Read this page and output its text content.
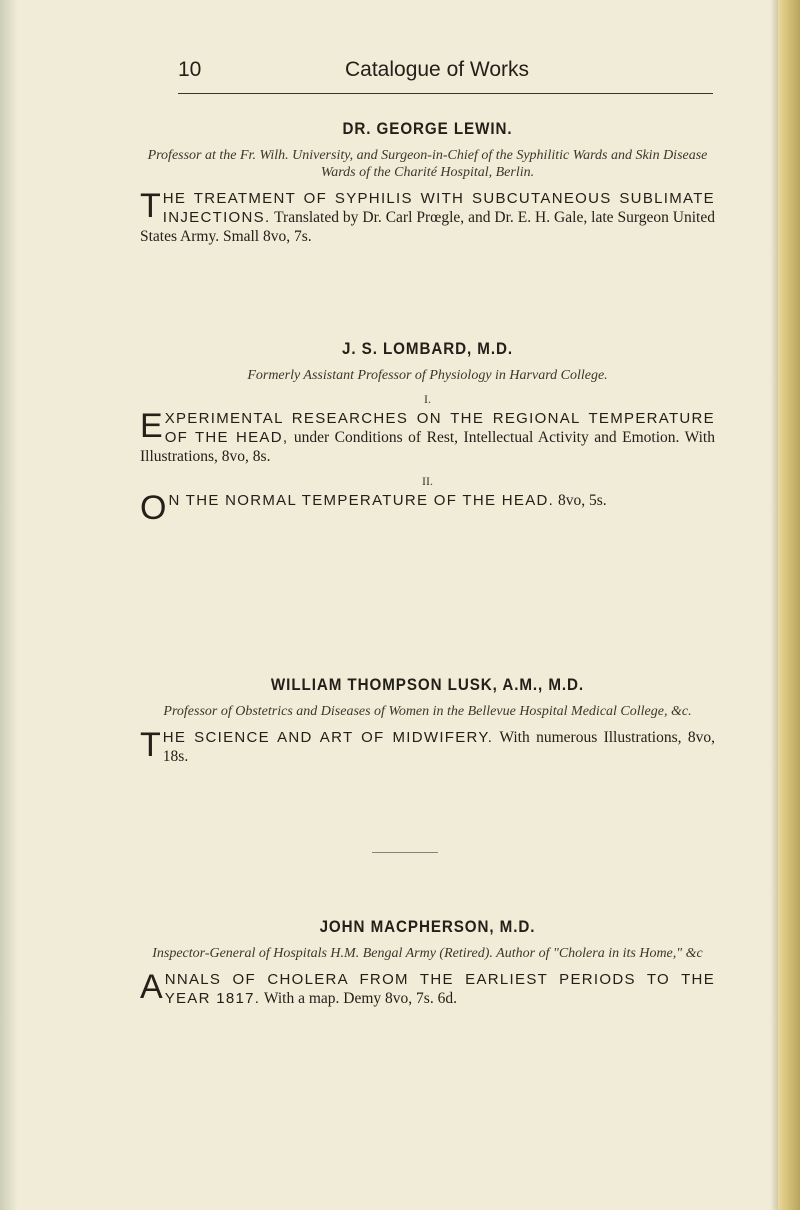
10	Catalogue of Works
DR. GEORGE LEWIN.
Professor at the Fr. Wilh. University, and Surgeon-in-Chief of the Syphilitic Wards and Skin Disease Wards of the Charité Hospital, Berlin.
THE TREATMENT OF SYPHILIS WITH SUBCUTANEOUS SUBLIMATE INJECTIONS. Translated by Dr. Carl Prœgle, and Dr. E. H. Gale, late Surgeon United States Army. Small 8vo, 7s.
J. S. LOMBARD, M.D.
Formerly Assistant Professor of Physiology in Harvard College.
I.
EXPERIMENTAL RESEARCHES ON THE REGIONAL TEMPERATURE OF THE HEAD, under Conditions of Rest, Intellectual Activity and Emotion. With Illustrations, 8vo, 8s.
II.
O N THE NORMAL TEMPERATURE OF THE HEAD. 8vo, 5s.
WILLIAM THOMPSON LUSK, A.M., M.D.
Professor of Obstetrics and Diseases of Women in the Bellevue Hospital Medical College, &c.
THE SCIENCE AND ART OF MIDWIFERY. With numerous Illustrations, 8vo, 18s.
JOHN MACPHERSON, M.D.
Inspector-General of Hospitals H.M. Bengal Army (Retired). Author of "Cholera in its Home," &c
ANNALS OF CHOLERA FROM THE EARLIEST PERIODS TO THE YEAR 1817. With a map. Demy 8vo, 7s. 6d.
